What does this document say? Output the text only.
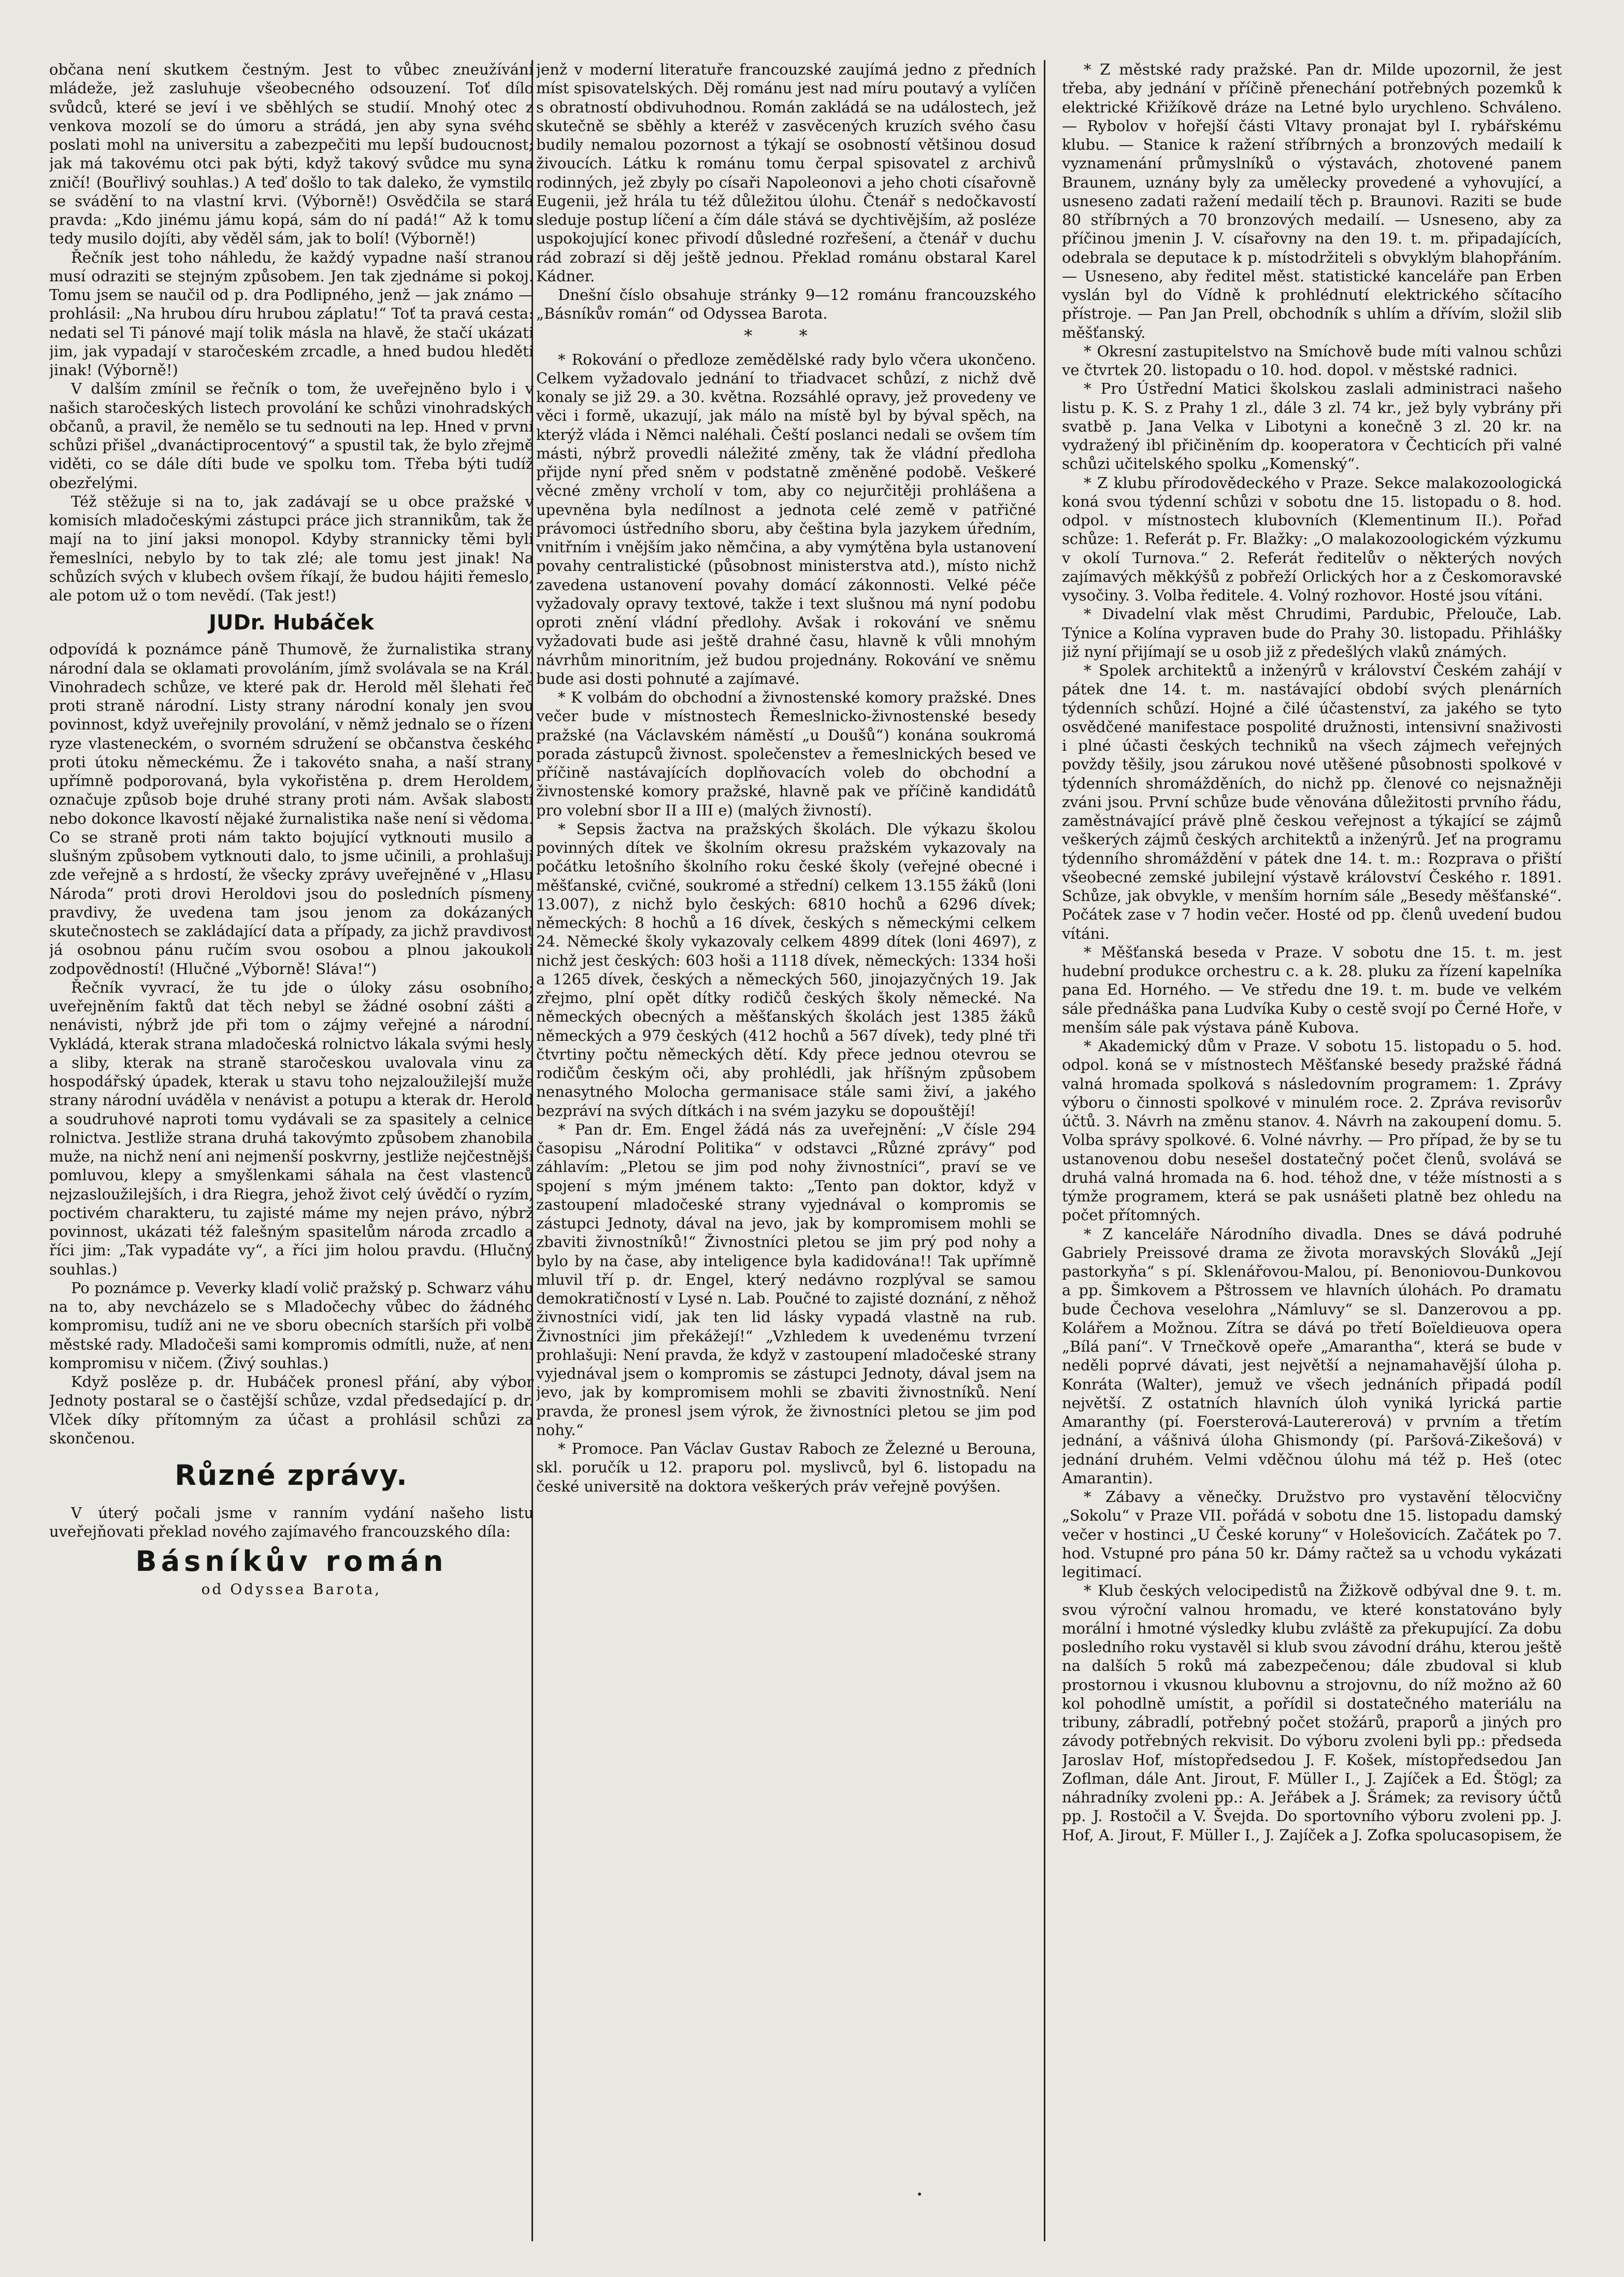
občana není skutkem čestným. Jest to vůbec zneužívání mládeže, jež zasluhuje všeobecného odsouzení. Toť dílo svůdců, které se jeví i ve sběhlých se studií. Mnohý otec z venkova mozolí se do úmoru a strádá, jen aby syna svého poslati mohl na universitu a zabezpečiti mu lepší budoucnost; jak má takovému otci pak býti, když takový svůdce mu syna zničí! (Bouřlivý souhlas.) A teď došlo to tak daleko, že vymstilo se svádění to na vlastní krvi. (Výborně!) Osvědčila se stará pravda: „Kdo jinému jámu kopá, sám do ní padá!“ Až k tomu tedy musilo dojíti, aby věděl sám, jak to bolí! (Výborně!)

Řečník jest toho náhledu, že každý vypadne naší stranou musí odraziti se stejným způsobem. Jen tak zjednáme si pokoj. Tomu jsem se naučil od p. dra Podlipného, jenž — jak známo — prohlásil: „Na hrubou díru hrubou záplatu!“ Toť ta pravá cesta: nedati sel Ti pánové mají tolik másla na hlavě, že stačí ukázati jim, jak vypadají v staročeském zrcadle, a hned budou hleděti jinak! (Výborně!)

V dalším zmínil se řečník o tom, že uveřejněno bylo i v našich staročeských listech provolání ke schůzi vinohradských občanů, a pravil, že nemělo se tu sednouti na lep. Hned v první schůzi přišel „dvanáctiprocentový“ a spustil tak, že bylo zřejmě viděti, co se dále díti bude ve spolku tom. Třeba býti tudíž obezřelými.

Též stěžuje si na to, jak zadávají se u obce pražské v komisích mladočeskými zástupci práce jich strannikům, tak že mají na to jiní jaksi monopol. Kdyby strannicky těmi byli řemeslníci, nebylo by to tak zlé; ale tomu jest jinak! Na schůzích svých v klubech ovšem říkají, že budou hájiti řemeslo, ale potom už o tom nevědí. (Tak jest!)

JUDr. Hubáček

odpovídá k poznámce páně Thumově, že žurnalistika strany národní dala se oklamati provoláním, jímž svolávala se na Král. Vinohradech schůze, ve které pak dr. Herold měl šlehati řeč proti straně národní. Listy strany národní konaly jen svou povinnost, když uveřejnily provolání, v němž jednalo se o řízení ryze vlasteneckém, o svorném sdružení se občanstva českého proti útoku německému. Že i takovéto snaha, a naší strany upřímně podporovaná, byla vykořistěna p. drem Heroldem, označuje způsob boje druhé strany proti nám. Avšak slabostí nebo dokonce lkavostí nějaké žurnalistika naše není si vědoma. Co se straně proti nám takto bojující vytknouti musilo a slušným způsobem vytknouti dalo, to jsme učinili, a prohlašuji zde veřejně a s hrdostí, že všecky zprávy uveřejněné v „Hlasu Národa“ proti drovi Heroldovi jsou do posledních písmeny pravdivy, že uvedena tam jsou jenom za dokázaných skutečnostech se zakládající data a případy, za jichž pravdivost já osobnou pánu ručím svou osobou a plnou jakoukoli zodpovědností! (Hlučné „Výborně! Sláva!“)

Řečník vyvrací, že tu jde o úloky zásu osobního; uveřejněním faktů dat těch nebyl se žádné osobní zášti a nenávisti, nýbrž jde při tom o zájmy veřejné a národní. Vykládá, kterak strana mladočeská rolnictvo lákala svými hesly a sliby, kterak na straně staročeskou uvalovala vinu za hospodářský úpadek, kterak u stavu toho nejzaloužilejší muže strany národní uváděla v nenávist a potupu a kterak dr. Herold a soudruhové naproti tomu vydávali se za spasitely a celnice rolnictva. Jestliže strana druhá takovýmto způsobem zhanobila muže, na nichž není ani nejmenší poskvrny, jestliže nejčestnější pomluvou, klepy a smyšlenkami sáhala na čest vlastenců nejzasloužilejších, i dra Riegra, jehož život celý úvědčí o ryzím, poctivém charakteru, tu zajisté máme my nejen právo, nýbrž povinnost, ukázati též falešným spasitelům národa zrcadlo a říci jim: „Tak vypadáte vy“, a říci jim holou pravdu. (Hlučný souhlas.)

Po poznámce p. Veverky kladí volič pražský p. Schwarz váhu na to, aby nevcházelo se s Mladočechy vůbec do žádného kompromisu, tudíž ani ne ve sboru obecních starších při volbě městské rady. Mladočeši sami kompromis odmítli, nuže, ať není kompromisu v ničem. (Živý souhlas.)

Když poslěze p. dr. Hubáček pronesl přání, aby výbor Jednoty postaral se o častější schůze, vzdal předsedající p. dr. Vlček díky přítomným za účast a prohlásil schůzi za skončenou.

Různé zprávy.

V úterý počali jsme v ranním vydání našeho listu uveřejňovati překlad nového zajímavého francouzského díla:

Básníkův román
od Odyssea Barota,

jenž v moderní literatuře francouzské zaujímá jedno z předních míst spisovatelských. Děj románu jest nad míru poutavý a vylíčen s obratností obdivuhodnou. Román zakládá se na událostech, jež skutečně se sběhly a kteréž v zasvěcených kruzích svého času budily nemalou pozornost a týkají se osobností většinou dosud živoucích. Látku k románu tomu čerpal spisovatel z archivů rodinných, jež zbyly po císaři Napoleonovi a jeho choti císařovně Eugenii, jež hrála tu též důležitou úlohu. Čtenář s nedočkavostí sleduje postup líčení a čím dále stává se dychtivějším, až posléze uspokojující konec přivodí důsledné rozřešení, a čtenář v duchu rád zobrazí si děj ještě jednou. Překlad románu obstaral Karel Kádner.

Dnešní číslo obsahuje stránky 9—12 románu francouzského „Básníkův román“ od Odyssea Barota.

* *

* Rokování o předloze zemědělské rady bylo včera ukončeno. Celkem vyžadovalo jednání to třiadvacet schůzí, z nichž dvě konaly se již 29. a 30. května. Rozsáhlé opravy, jež provedeny ve věci i formě, ukazují, jak málo na místě byl by býval spěch, na kterýž vláda i Němci naléhali. Čeští poslanci nedali se ovšem tím másti, nýbrž provedli náležité změny, tak že vládní předloha přijde nyní před sněm v podstatně změněné podobě. Veškeré věcné změny vrcholí v tom, aby co nejurčitěji prohlášena a upevněna byla nedílnost a jednota celé země v patřičné právomoci ústředního sboru, aby čeština byla jazykem úředním, vnitřním i vnějším jako němčina, a aby vymýtěna byla ustanovení povahy centralistické (působnost ministerstva atd.), místo nichž zavedena ustanovení povahy domácí zákonnosti. Velké péče vyžadovaly opravy textové, takže i text slušnou má nyní podobu oproti znění vládní předlohy. Avšak i rokování ve sněmu vyžadovati bude asi ještě drahné času, hlavně k vůli mnohým návrhům minoritním, jež budou projednány. Rokování ve sněmu bude asi dosti pohnuté a zajímavé.

* K volbám do obchodní a živnostenské komory pražské. Dnes večer bude v místnostech Řemeslnicko-živnostenské besedy pražské (na Václavském náměstí „u Doušů“) konána soukromá porada zástupců živnost. společenstev a řemeslnických besed ve příčině nastávajících doplňovacích voleb do obchodní a živnostenské komory pražské, hlavně pak ve příčině kandidátů pro volební sbor II a III e) (malých živností).

* Sepsis žactva na pražských školách. Dle výkazu školou povinných dítek ve školním okresu pražském vykazovaly na počátku letošního školního roku české školy (veřejné obecné i měšťanské, cvičné, soukromé a střední) celkem 13.155 žáků (loni 13.007), z nichž bylo českých: 6810 hochů a 6296 dívek; německých: 8 hochů a 16 dívek, českých s německými celkem 24. Německé školy vykazovaly celkem 4899 dítek (loni 4697), z nichž jest českých: 603 hoši a 1118 dívek, německých: 1334 hoši a 1265 dívek, českých a německých 560, jinojazyčných 19. Jak zřejmo, plní opět dítky rodičů českých školy německé. Na německých obecných a měšťanských školách jest 1385 žáků německých a 979 českých (412 hochů a 567 dívek), tedy plné tři čtvrtiny počtu německých dětí. Kdy přece jednou otevrou se rodičům českým oči, aby prohlédli, jak hříšným způsobem nenasytného Molocha germanisace stále sami živí, a jakého bezpráví na svých dítkách i na svém jazyku se dopouštějí!

* Pan dr. Em. Engel žádá nás za uveřejnění: „V čísle 294 časopisu „Národní Politika“ v odstavci „Různé zprávy“ pod záhlavím: „Pletou se jim pod nohy živnostníci“, praví se ve spojení s mým jménem takto: „Tento pan doktor, když v zastoupení mladočeské strany vyjednával o kompromis se zástupci Jednoty, dával na jevo, jak by kompromisem mohli se zbaviti živnostníků!“ Živnostníci pletou se jim prý pod nohy a bylo by na čase, aby inteligence byla kadidována!! Tak upřímně mluvil tří p. dr. Engel, který nedávno rozplýval se samou demokratičností v Lysé n. Lab. Poučné to zajisté doznání, z něhož živnostníci vidí, jak ten lid lásky vypadá vlastně na rub. Živnostníci jim překážejí!“ „Vzhledem k uvedenému tvrzení prohlašuji: Není pravda, že když v zastoupení mladočeské strany vyjednával jsem o kompromis se zástupci Jednoty, dával jsem na jevo, jak by kompromisem mohli se zbaviti živnostníků. Není pravda, že pronesl jsem výrok, že živnostníci pletou se jim pod nohy.“

* Promoce. Pan Václav Gustav Raboch ze Železné u Berouna, skl. poručík u 12. praporu pol. myslivců, byl 6. listopadu na české universitě na doktora veškerých práv veřejně povýšen.

* Z městské rady pražské. Pan dr. Milde upozornil, že jest třeba, aby jednání v příčině přenechání potřebných pozemků k elektrické Křižíkově dráze na Letné bylo urychleno. Schváleno. — Rybolov v hořejší části Vltavy pronajat byl I. rybářskému klubu. — Stanice k ražení stříbrných a bronzových medailí k vyznamenání průmyslníků o výstavách, zhotovené panem Braunem, uznány byly za umělecky provedené a vyhovující, a usneseno zadati ražení medailí těch p. Braunovi. Raziti se bude 80 stříbrných a 70 bronzových medailí. — Usneseno, aby za příčinou jmenin J. V. císařovny na den 19. t. m. připadajících, odebrala se deputace k p. místodržiteli s obvyklým blahopřáním. — Usneseno, aby ředitel měst. statistické kanceláře pan Erben vyslán byl do Vídně k prohlédnutí elektrického sčítacího přístroje. — Pan Jan Prell, obchodník s uhlím a dřívím, složil slib měšťanský.

* Okresní zastupitelstvo na Smíchově bude míti valnou schůzi ve čtvrtek 20. listopadu o 10. hod. dopol. v městské radnici.

* Pro Ústřední Matici školskou zaslali administraci našeho listu p. K. S. z Prahy 1 zl., dále 3 zl. 74 kr., jež byly vybrány při svatbě p. Jana Velka v Libotyni a konečně 3 zl. 20 kr. na vydražený ibl přičiněním dp. kooperatora v Čechticích při valné schůzi učitelského spolku „Komenský“.

* Z klubu přírodovědeckého v Praze. Sekce malakozoologická koná svou týdenní schůzi v sobotu dne 15. listopadu o 8. hod. odpol. v místnostech klubovních (Klementinum II.). Pořad schůze: 1. Referát p. Fr. Blažky: „O malakozoologickém výzkumu v okolí Turnova.“ 2. Referát ředitelův o některých nových zajímavých měkkýšů z pobřeží Orlických hor a z Českomoravské vysočiny. 3. Volba ředitele. 4. Volný rozhovor. Hosté jsou vítáni.

* Divadelní vlak měst Chrudimi, Pardubic, Přelouče, Lab. Týnice a Kolína vypraven bude do Prahy 30. listopadu. Přihlášky již nyní přijímají se u osob již z předešlých vlaků známých.

* Spolek architektů a inženýrů v království Českém zahájí v pátek dne 14. t. m. nastávající období svých plenárních týdenních schůzí. Hojné a čilé účastenství, za jakého se tyto osvědčené manifestace pospolité družnosti, intensivní snaživosti i plné účasti českých techniků na všech zájmech veřejných povždy těšily, jsou zárukou nové utěšené působnosti spolkové v týdenních shromážděních, do nichž pp. členové co nejsnažněji zváni jsou. První schůze bude věnována důležitosti prvního řádu, zaměstnávající právě plně českou veřejnost a týkající se zájmů veškerých zájmů českých architektů a inženýrů. Jeť na programu týdenního shromáždění v pátek dne 14. t. m.: Rozprava o přiští všeobecné zemské jubilejní výstavě království Českého r. 1891. Schůze, jak obvykle, v menším horním sále „Besedy měšťanské“. Počátek zase v 7 hodin večer. Hosté od pp. členů uvedení budou vítáni.

* Měšťanská beseda v Praze. V sobotu dne 15. t. m. jest hudební produkce orchestru c. a k. 28. pluku za řízení kapelníka pana Ed. Horného. — Ve středu dne 19. t. m. bude ve velkém sále přednáška pana Ludvíka Kuby o cestě svojí po Černé Hoře, v menším sále pak výstava páně Kubova.

* Akademický dům v Praze. V sobotu 15. listopadu o 5. hod. odpol. koná se v místnostech Měšťanské besedy pražské řádná valná hromada spolková s následovním programem: 1. Zprávy výboru o činnosti spolkové v minulém roce. 2. Zpráva revisorův účtů. 3. Návrh na změnu stanov. 4. Návrh na zakoupení domu. 5. Volba správy spolkové. 6. Volné návrhy. — Pro případ, že by se tu ustanovenou dobu nesešel dostatečný počet členů, svolává se druhá valná hromada na 6. hod. téhož dne, v téže místnosti a s týmže programem, která se pak usnášeti platně bez ohledu na počet přítomných.

* Z kanceláře Národního divadla. Dnes se dává podruhé Gabriely Preissové drama ze života moravských Slováků „Její pastorkyňa“ s pí. Sklenářovou-Malou, pí. Benoniovou-Dunkovou a pp. Šimkovem a Pštrossem ve hlavních úlohách. Po dramatu bude Čechova veselohra „Námluvy“ se sl. Danzerovou a pp. Kolářem a Možnou. Zítra se dává po třetí Boïeldieuova opera „Bílá paní“. V Trnečkově opeře „Amarantha“, která se bude v neděli poprvé dávati, jest největší a nejnamahavější úloha p. Konráta (Walter), jemuž ve všech jednáních připadá podíl největší. Z ostatních hlavních úloh vyniká lyrická partie Amaranthy (pí. Foersterová-Lautererová) v prvním a třetím jednání, a vášnivá úloha Ghismondy (pí. Paršová-Zikešová) v jednání druhém. Velmi vděčnou úlohu má též p. Heš (otec Amarantin).

* Zábavy a věnečky. Družstvo pro vystavění tělocvičny „Sokolu“ v Praze VII. pořádá v sobotu dne 15. listopadu damský večer v hostinci „U České koruny“ v Holešovicích. Začátek po 7. hod. Vstupné pro pána 50 kr. Dámy račtež sa u vchodu vykázati legitimací.

* Klub českých velocipedistů na Žižkově odbýval dne 9. t. m. svou výroční valnou hromadu, ve které konstatováno byly morální i hmotné výsledky klubu zvláště za překupující. Za dobu posledního roku vystavěl si klub svou závodní dráhu, kterou ještě na dalších 5 roků má zabezpečenou; dále zbudoval si klub prostornou i vkusnou klubovnu a strojovnu, do níž možno až 60 kol pohodlně umístit, a pořídil si dostatečného materiálu na tribuny, zábradlí, potřebný počet stožárů, praporů a jiných pro závody potřebných rekvisit. Do výboru zvoleni byli pp.: předseda Jaroslav Hof, místopředsedou J. F. Košek, místopředsedou Jan Zoflman, dále Ant. Jirout, F. Müller I., J. Zajíček a Ed. Štögl; za náhradníky zvoleni pp.: A. Jeřábek a J. Šrámek; za revisory účtů pp. J. Rostočil a V. Švejda. Do sportovního výboru zvoleni pp. J. Hof, A. Jirout, F. Müller I., J. Zajíček a J. Zofka spolucasopisem, že
